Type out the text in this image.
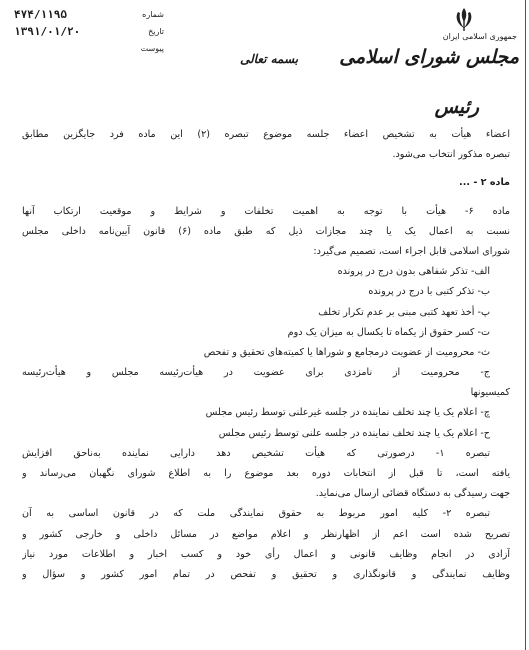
شماره
۴۷۴/۱۱۹۵
تاریخ
۱۳۹۱/۰۱/۲۰
پیوست
بسمه تعالی
جمهوری اسلامی ایران
مجلس شورای اسلامی
رئیس
اعضاء هیأت به تشخیص اعضاء جلسه موضوع تبصره (۲) این ماده فرد جایگزین مطابق
تبصره مذکور انتخاب می‌شود.
ماده ۲ - ...
ماده ۶- هیأت با توجه به اهمیت تخلفات و شرایط و موقعیت ارتکاب آنها
نسبت به اعمال یک یا چند مجازات ذیل که طبق ماده (۶) قانون آیین‌نامه داخلی مجلس
شورای اسلامی قابل اجراء است، تصمیم می‌گیرد:
الف- تذکر شفاهی بدون درج در پرونده
ب- تذکر کتبی با درج در پرونده
پ- أخذ تعهد کتبی مبنی بر عدم تکرار تخلف
ت- کسر حقوق از یکماه تا یکسال به میزان یک دوم
ث- محرومیت از عضویت درمجامع و شوراها یا کمیته‌های تحقیق و تفحص
ج- محرومیت از نامزدی برای عضویت در هیأت‌رئیسه مجلس و هیأت‌رئیسه
کمیسیونها
چ- اعلام یک یا چند تخلف نماینده در جلسه غیرعلنی توسط رئیس مجلس
ح- اعلام یک یا چند تخلف نماینده در جلسه علنی توسط رئیس مجلس
تبصره ۱- درصورتی که هیأت تشخیص دهد دارایی نماینده به‌ناحق افزایش
یافته است، تا قبل از انتخابات دوره بعد موضوع را به اطلاع شورای نگهبان می‌رساند و
جهت رسیدگی به دستگاه قضائی ارسال می‌نماید.
تبصره ۲- کلیه امور مربوط به حقوق نمایندگی ملت که در قانون اساسی به آن
تصریح شده است اعم از اظهارنظر و اعلام مواضع در مسائل داخلی و خارجی کشور و
آزادی در انجام وظایف قانونی و اعمال رأی خود و کسب اخبار و اطلاعات مورد نیاز
وظایف نمایندگی و قانونگذاری و تحقیق و تفحص در تمام امور کشور و سؤال و
